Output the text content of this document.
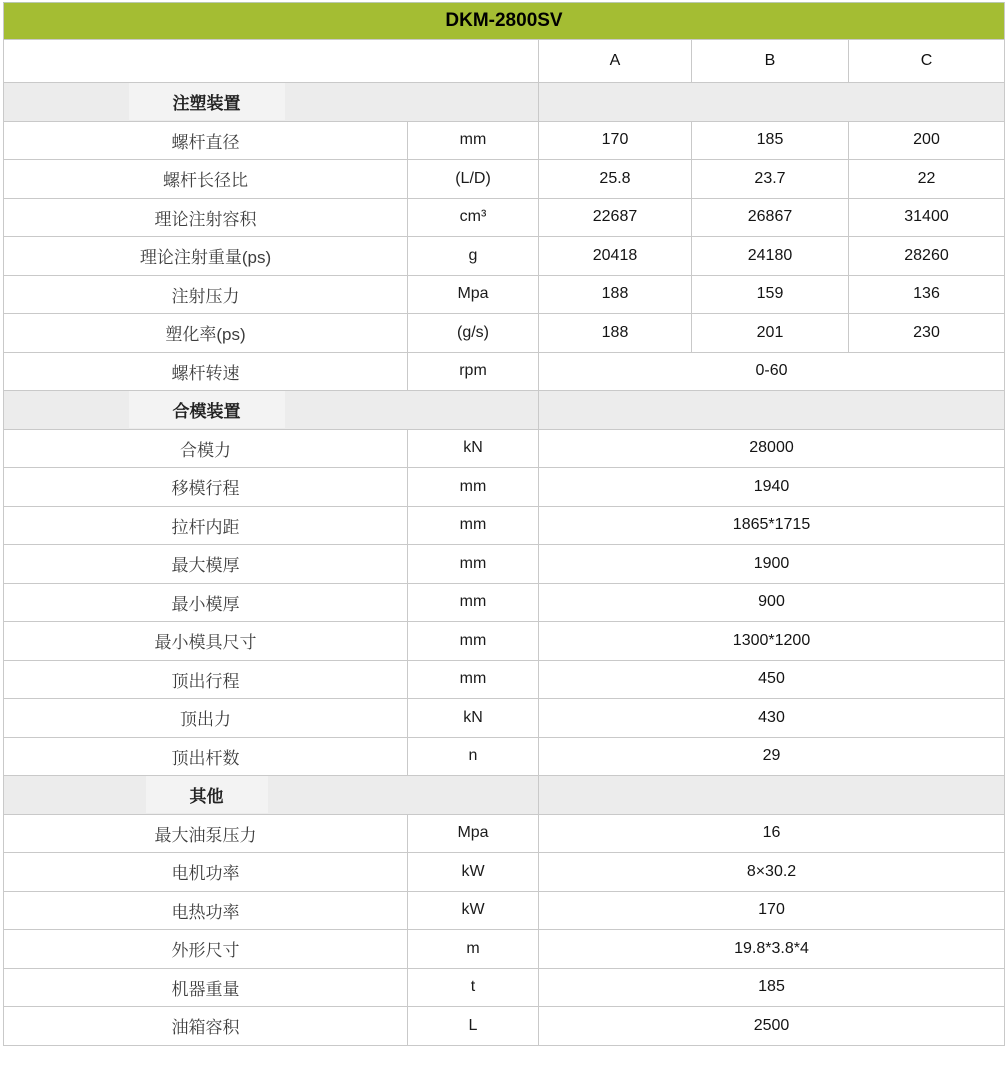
DKM-2800SV				
		A	B	C

注塑装置				

螺杆直径	mm	170	185	200
螺杆长径比	(L/D)	25.8	23.7	22
理论注射容积	cm³	22687	26867	31400
理论注射重量(ps)	g	20418	24180	28260
注射压力	Mpa	188	159	136
塑化率(ps)	(g/s)	188	201	230
螺杆转速	rpm	0-60		

合模装置				

合模力	kN	28000		
移模行程	mm	1940		
拉杆内距	mm	1865*1715		
最大模厚	mm	1900		
最小模厚	mm	900		
最小模具尺寸	mm	1300*1200		
顶出行程	mm	450		
顶出力	kN	430		
顶出杆数	n	29		

其他				

最大油泵压力	Mpa	16		
电机功率	kW	8×30.2		
电热功率	kW	170		
外形尺寸	m	19.8*3.8*4		
机器重量	t	185		
油箱容积	L	2500		
